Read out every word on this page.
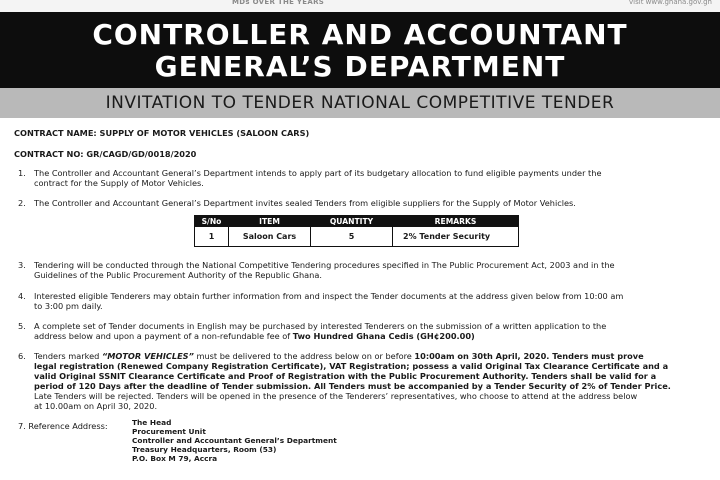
MDs OVER THE YEARS	visit www.ghana.gov.gh
CONTROLLER AND ACCOUNTANT
GENERAL’S DEPARTMENT
INVITATION TO TENDER NATIONAL COMPETITIVE TENDER
CONTRACT NAME: SUPPLY OF MOTOR VEHICLES (SALOON CARS)
CONTRACT NO: GR/CAGD/GD/0018/2020
1. The Controller and Accountant General’s Department intends to apply part of its budgetary allocation to fund eligible payments under the
contract for the Supply of Motor Vehicles.
2. The Controller and Accountant General’s Department invites sealed Tenders from eligible suppliers for the Supply of Motor Vehicles.
S/No	ITEM	QUANTITY	REMARKS
1	Saloon Cars	5	2% Tender Security
3. Tendering will be conducted through the National Competitive Tendering procedures specified in The Public Procurement Act, 2003 and in the
Guidelines of the Public Procurement Authority of the Republic Ghana.
4. Interested eligible Tenderers may obtain further information from and inspect the Tender documents at the address given below from 10:00 am
to 3:00 pm daily.
5. A complete set of Tender documents in English may be purchased by interested Tenderers on the submission of a written application to the
address below and upon a payment of a non-refundable fee of Two Hundred Ghana Cedis (GH¢200.00)
6. Tenders marked “MOTOR VEHICLES” must be delivered to the address below on or before 10:00am on 30th April, 2020. Tenders must prove
legal registration (Renewed Company Registration Certificate), VAT Registration; possess a valid Original Tax Clearance Certificate and a
valid Original SSNIT Clearance Certificate and Proof of Registration with the Public Procurement Authority. Tenders shall be valid for a
period of 120 Days after the deadline of Tender submission. All Tenders must be accompanied by a Tender Security of 2% of Tender Price.
Late Tenders will be rejected. Tenders will be opened in the presence of the Tenderers’ representatives, who choose to attend at the address below
at 10.00am on April 30, 2020.
7. Reference Address:	The Head
Procurement Unit
Controller and Accountant General’s Department
Treasury Headquarters, Room (53)
P.O. Box M 79, Accra
